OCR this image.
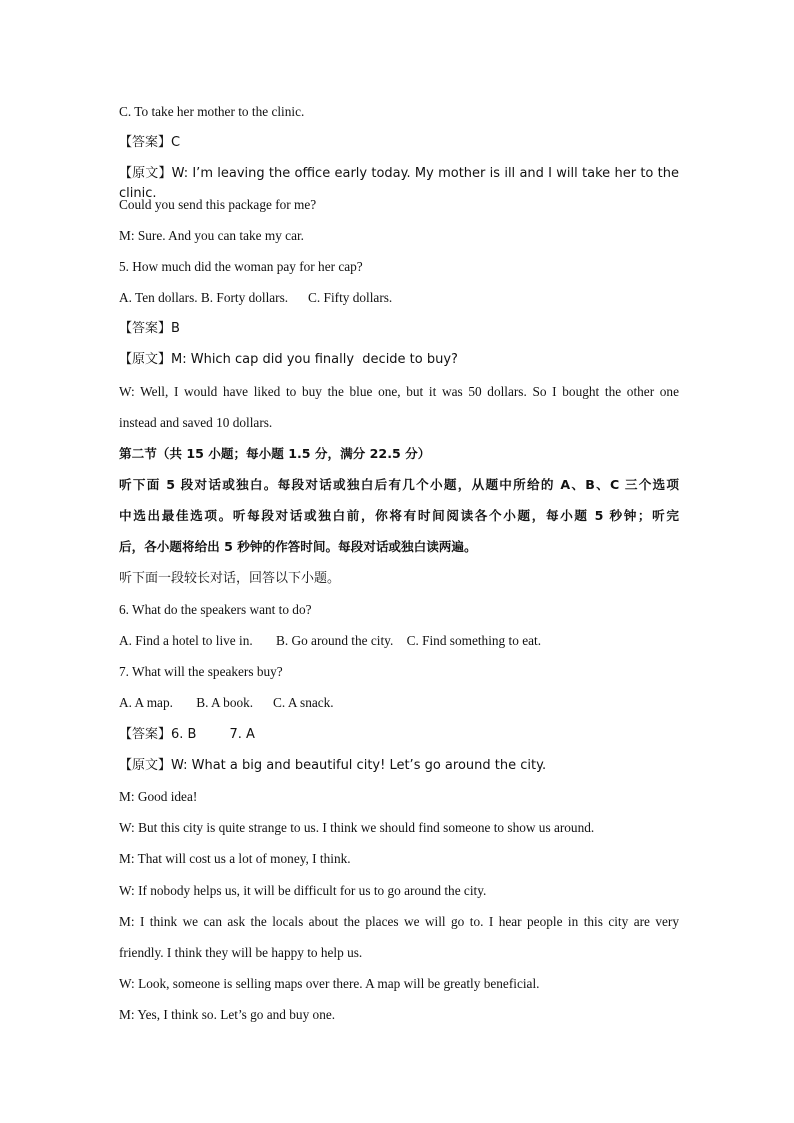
C. To take her mother to the clinic.
【答案】C
【原文】W: I’m leaving the office early today. My mother is ill and I will take her to the clinic.
Could you send this package for me?
M: Sure. And you can take my car.
5. How much did the woman pay for her cap?
A. Ten dollars. B. Forty dollars.      C. Fifty dollars.
【答案】B
【原文】M: Which cap did you finally  decide to buy?
W: Well, I would have liked to buy the blue one, but it was 50 dollars. So I bought the other one
instead and saved 10 dollars.
第二节（共 15 小题；每小题 1.5 分，满分 22.5 分）
听下面 5 段对话或独白。每段对话或独白后有几个小题，从题中所给的 A、B、C 三个选项
中选出最佳选项。听每段对话或独白前，你将有时间阅读各个小题，每小题 5 秒钟；听完
后，各小题将给出 5 秒钟的作答时间。每段对话或独白读两遍。
听下面一段较长对话，回答以下小题。
6. What do the speakers want to do?
A. Find a hotel to live in.       B. Go around the city.    C. Find something to eat.
7. What will the speakers buy?
A. A map.       B. A book.      C. A snack.
【答案】6. B        7. A
【原文】W: What a big and beautiful city! Let’s go around the city.
M: Good idea!
W: But this city is quite strange to us. I think we should find someone to show us around.
M: That will cost us a lot of money, I think.
W: If nobody helps us, it will be difficult for us to go around the city.
M: I think we can ask the locals about the places we will go to. I hear people in this city are very
friendly. I think they will be happy to help us.
W: Look, someone is selling maps over there. A map will be greatly beneficial.
M: Yes, I think so. Let’s go and buy one.
